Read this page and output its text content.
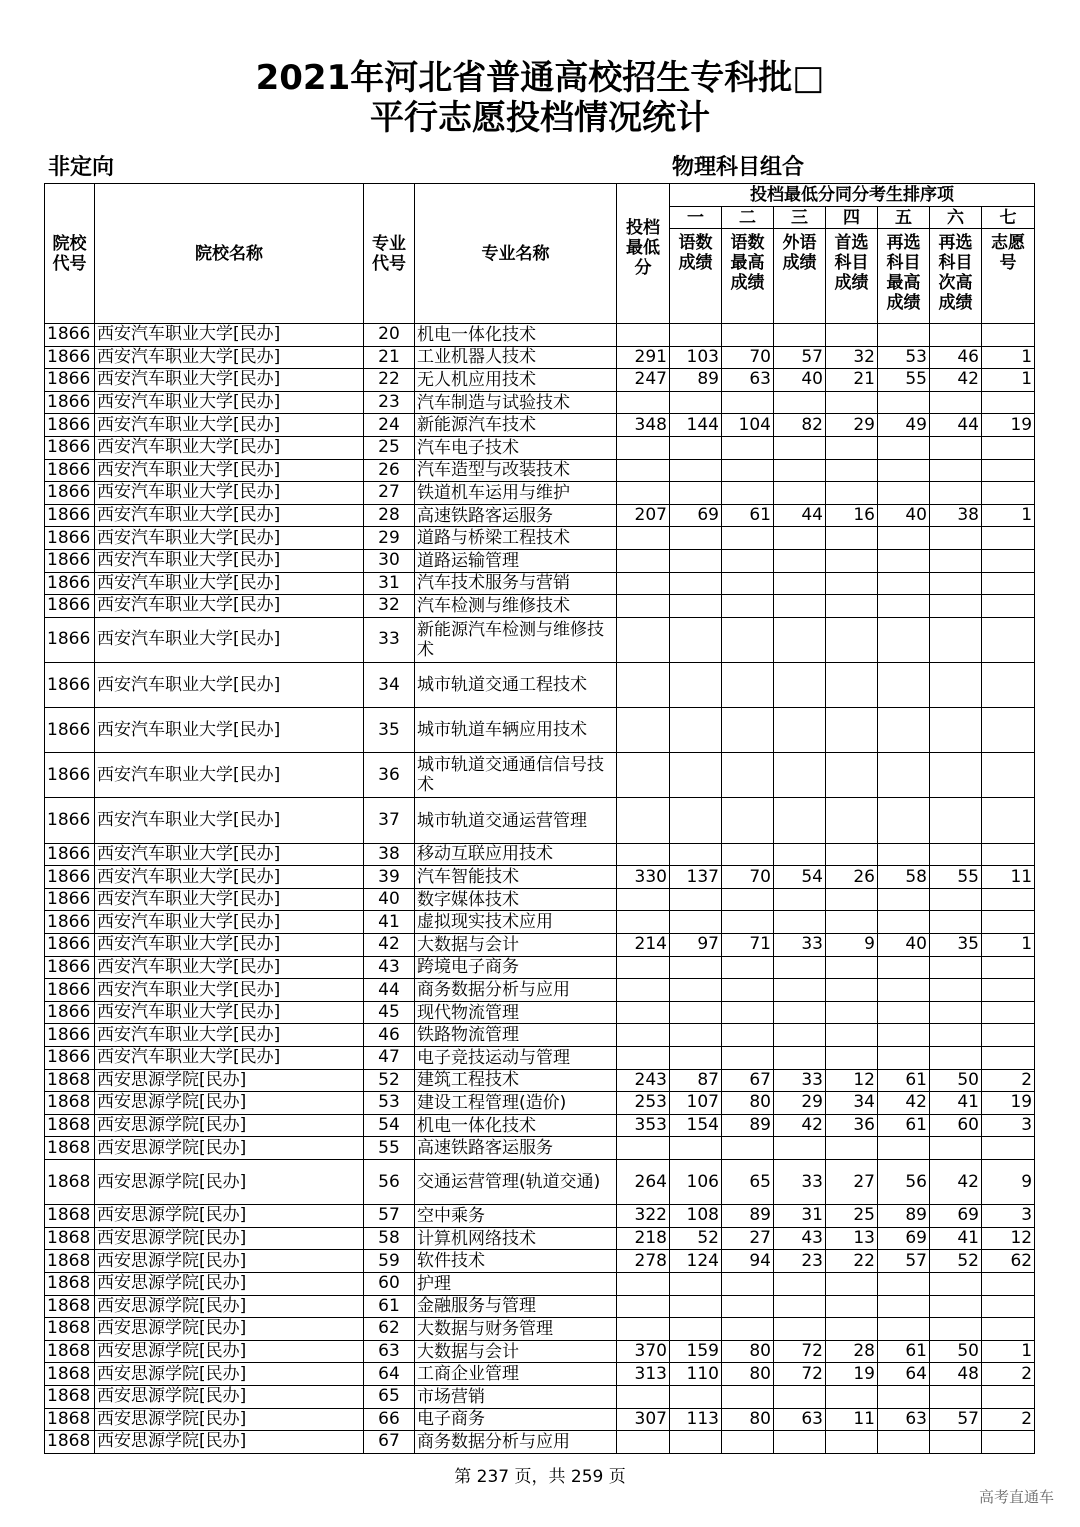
2021年河北省普通高校招生专科批□
平行志愿投档情况统计
非定向	物理科目组合
院校代号	院校名称	专业代号	专业名称	投档最低分	投档最低分同分考生排序项						
					一	二	三	四	五	六	七
					语数成绩	语数最高成绩	外语成绩	首选科目成绩	再选科目最高成绩	再选科目次高成绩	志愿号
1866	西安汽车职业大学[民办]	20	机电一体化技术								
1866	西安汽车职业大学[民办]	21	工业机器人技术	291	103	70	57	32	53	46	1
1866	西安汽车职业大学[民办]	22	无人机应用技术	247	89	63	40	21	55	42	1
1866	西安汽车职业大学[民办]	23	汽车制造与试验技术								
1866	西安汽车职业大学[民办]	24	新能源汽车技术	348	144	104	82	29	49	44	19
1866	西安汽车职业大学[民办]	25	汽车电子技术								
1866	西安汽车职业大学[民办]	26	汽车造型与改装技术								
1866	西安汽车职业大学[民办]	27	铁道机车运用与维护								
1866	西安汽车职业大学[民办]	28	高速铁路客运服务	207	69	61	44	16	40	38	1
1866	西安汽车职业大学[民办]	29	道路与桥梁工程技术								
1866	西安汽车职业大学[民办]	30	道路运输管理								
1866	西安汽车职业大学[民办]	31	汽车技术服务与营销								
1866	西安汽车职业大学[民办]	32	汽车检测与维修技术								
1866	西安汽车职业大学[民办]	33	新能源汽车检测与维修技术								
1866	西安汽车职业大学[民办]	34	城市轨道交通工程技术								
1866	西安汽车职业大学[民办]	35	城市轨道车辆应用技术								
1866	西安汽车职业大学[民办]	36	城市轨道交通通信信号技术								
1866	西安汽车职业大学[民办]	37	城市轨道交通运营管理								
1866	西安汽车职业大学[民办]	38	移动互联应用技术								
1866	西安汽车职业大学[民办]	39	汽车智能技术	330	137	70	54	26	58	55	11
1866	西安汽车职业大学[民办]	40	数字媒体技术								
1866	西安汽车职业大学[民办]	41	虚拟现实技术应用								
1866	西安汽车职业大学[民办]	42	大数据与会计	214	97	71	33	9	40	35	1
1866	西安汽车职业大学[民办]	43	跨境电子商务								
1866	西安汽车职业大学[民办]	44	商务数据分析与应用								
1866	西安汽车职业大学[民办]	45	现代物流管理								
1866	西安汽车职业大学[民办]	46	铁路物流管理								
1866	西安汽车职业大学[民办]	47	电子竞技运动与管理								
1868	西安思源学院[民办]	52	建筑工程技术	243	87	67	33	12	61	50	2
1868	西安思源学院[民办]	53	建设工程管理(造价)	253	107	80	29	34	42	41	19
1868	西安思源学院[民办]	54	机电一体化技术	353	154	89	42	36	61	60	3
1868	西安思源学院[民办]	55	高速铁路客运服务								
1868	西安思源学院[民办]	56	交通运营管理(轨道交通)	264	106	65	33	27	56	42	9
1868	西安思源学院[民办]	57	空中乘务	322	108	89	31	25	89	69	3
1868	西安思源学院[民办]	58	计算机网络技术	218	52	27	43	13	69	41	12
1868	西安思源学院[民办]	59	软件技术	278	124	94	23	22	57	52	62
1868	西安思源学院[民办]	60	护理								
1868	西安思源学院[民办]	61	金融服务与管理								
1868	西安思源学院[民办]	62	大数据与财务管理								
1868	西安思源学院[民办]	63	大数据与会计	370	159	80	72	28	61	50	1
1868	西安思源学院[民办]	64	工商企业管理	313	110	80	72	19	64	48	2
1868	西安思源学院[民办]	65	市场营销								
1868	西安思源学院[民办]	66	电子商务	307	113	80	63	11	63	57	2
1868	西安思源学院[民办]	67	商务数据分析与应用								
第 237 页，共 259 页
高考直通车
